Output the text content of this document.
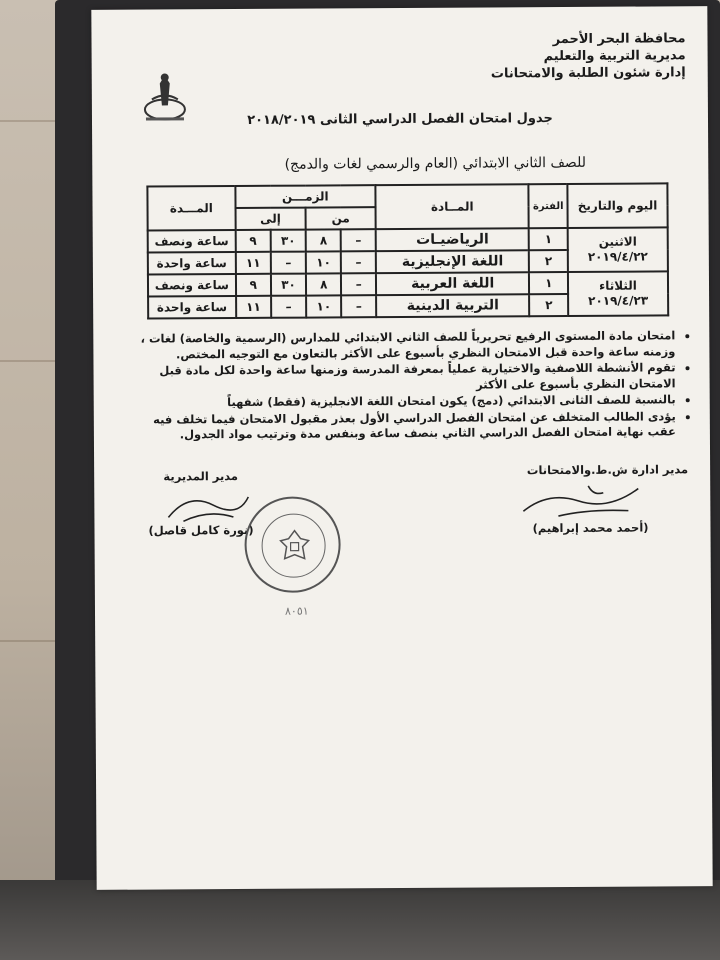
محافظة البحر الأحمر
مديرية التربية والتعليم
إدارة شئون الطلبة والامتحانات
جدول امتحان الفصل الدراسي الثانى ٢٠١٨/٢٠١٩
للصف الثاني الابتدائي (العام والرسمي لغات والدمج)
اليوم والتاريخ	الفترة	المــادة	الزمـــن				المـــدة
			من		إلى		

الاثنين
٢٠١٩/٤/٢٢	١	الرياضيـات	–	٨	٣٠	٩	ساعة ونصف
	٢	اللغة الإنجليزية	–	١٠	–	١١	ساعة واحدة

الثلاثاء
٢٠١٩/٤/٢٣	١	اللغة العربية	–	٨	٣٠	٩	ساعة ونصف
	٢	التربية الدينية	–	١٠	–	١١	ساعة واحدة
• امتحان مادة المستوى الرفيع تحريرياً للصف الثاني الابتدائي للمدارس (الرسمية والخاصة) لغات ، وزمنه ساعة واحدة قبل الامتحان النظري بأسبوع على الأكثر بالتعاون مع التوجيه المختص.
• تقوم الأنشطة اللاصفية والاختيارية عملياً بمعرفة المدرسة وزمنها ساعة واحدة لكل مادة قبل الامتحان النظري بأسبوع على الأكثر
• بالنسبة للصف الثانى الابتدائي (دمج) يكون امتحان اللغة الانجليزية (فقط) شفهياً
• يؤدى الطالب المتخلف عن امتحان الفصل الدراسي الأول بعذر مقبول الامتحان فيما تخلف فيه عقب نهاية امتحان الفصل الدراسي الثاني بنصف ساعة وبنفس مدة وترتيب مواد الجدول.
مدير ادارة ش.ط.والامتحانات
(أحمد محمد إبراهيم)
مدير المديرية
(نورة كامل قاصل)
٨٠٥١
